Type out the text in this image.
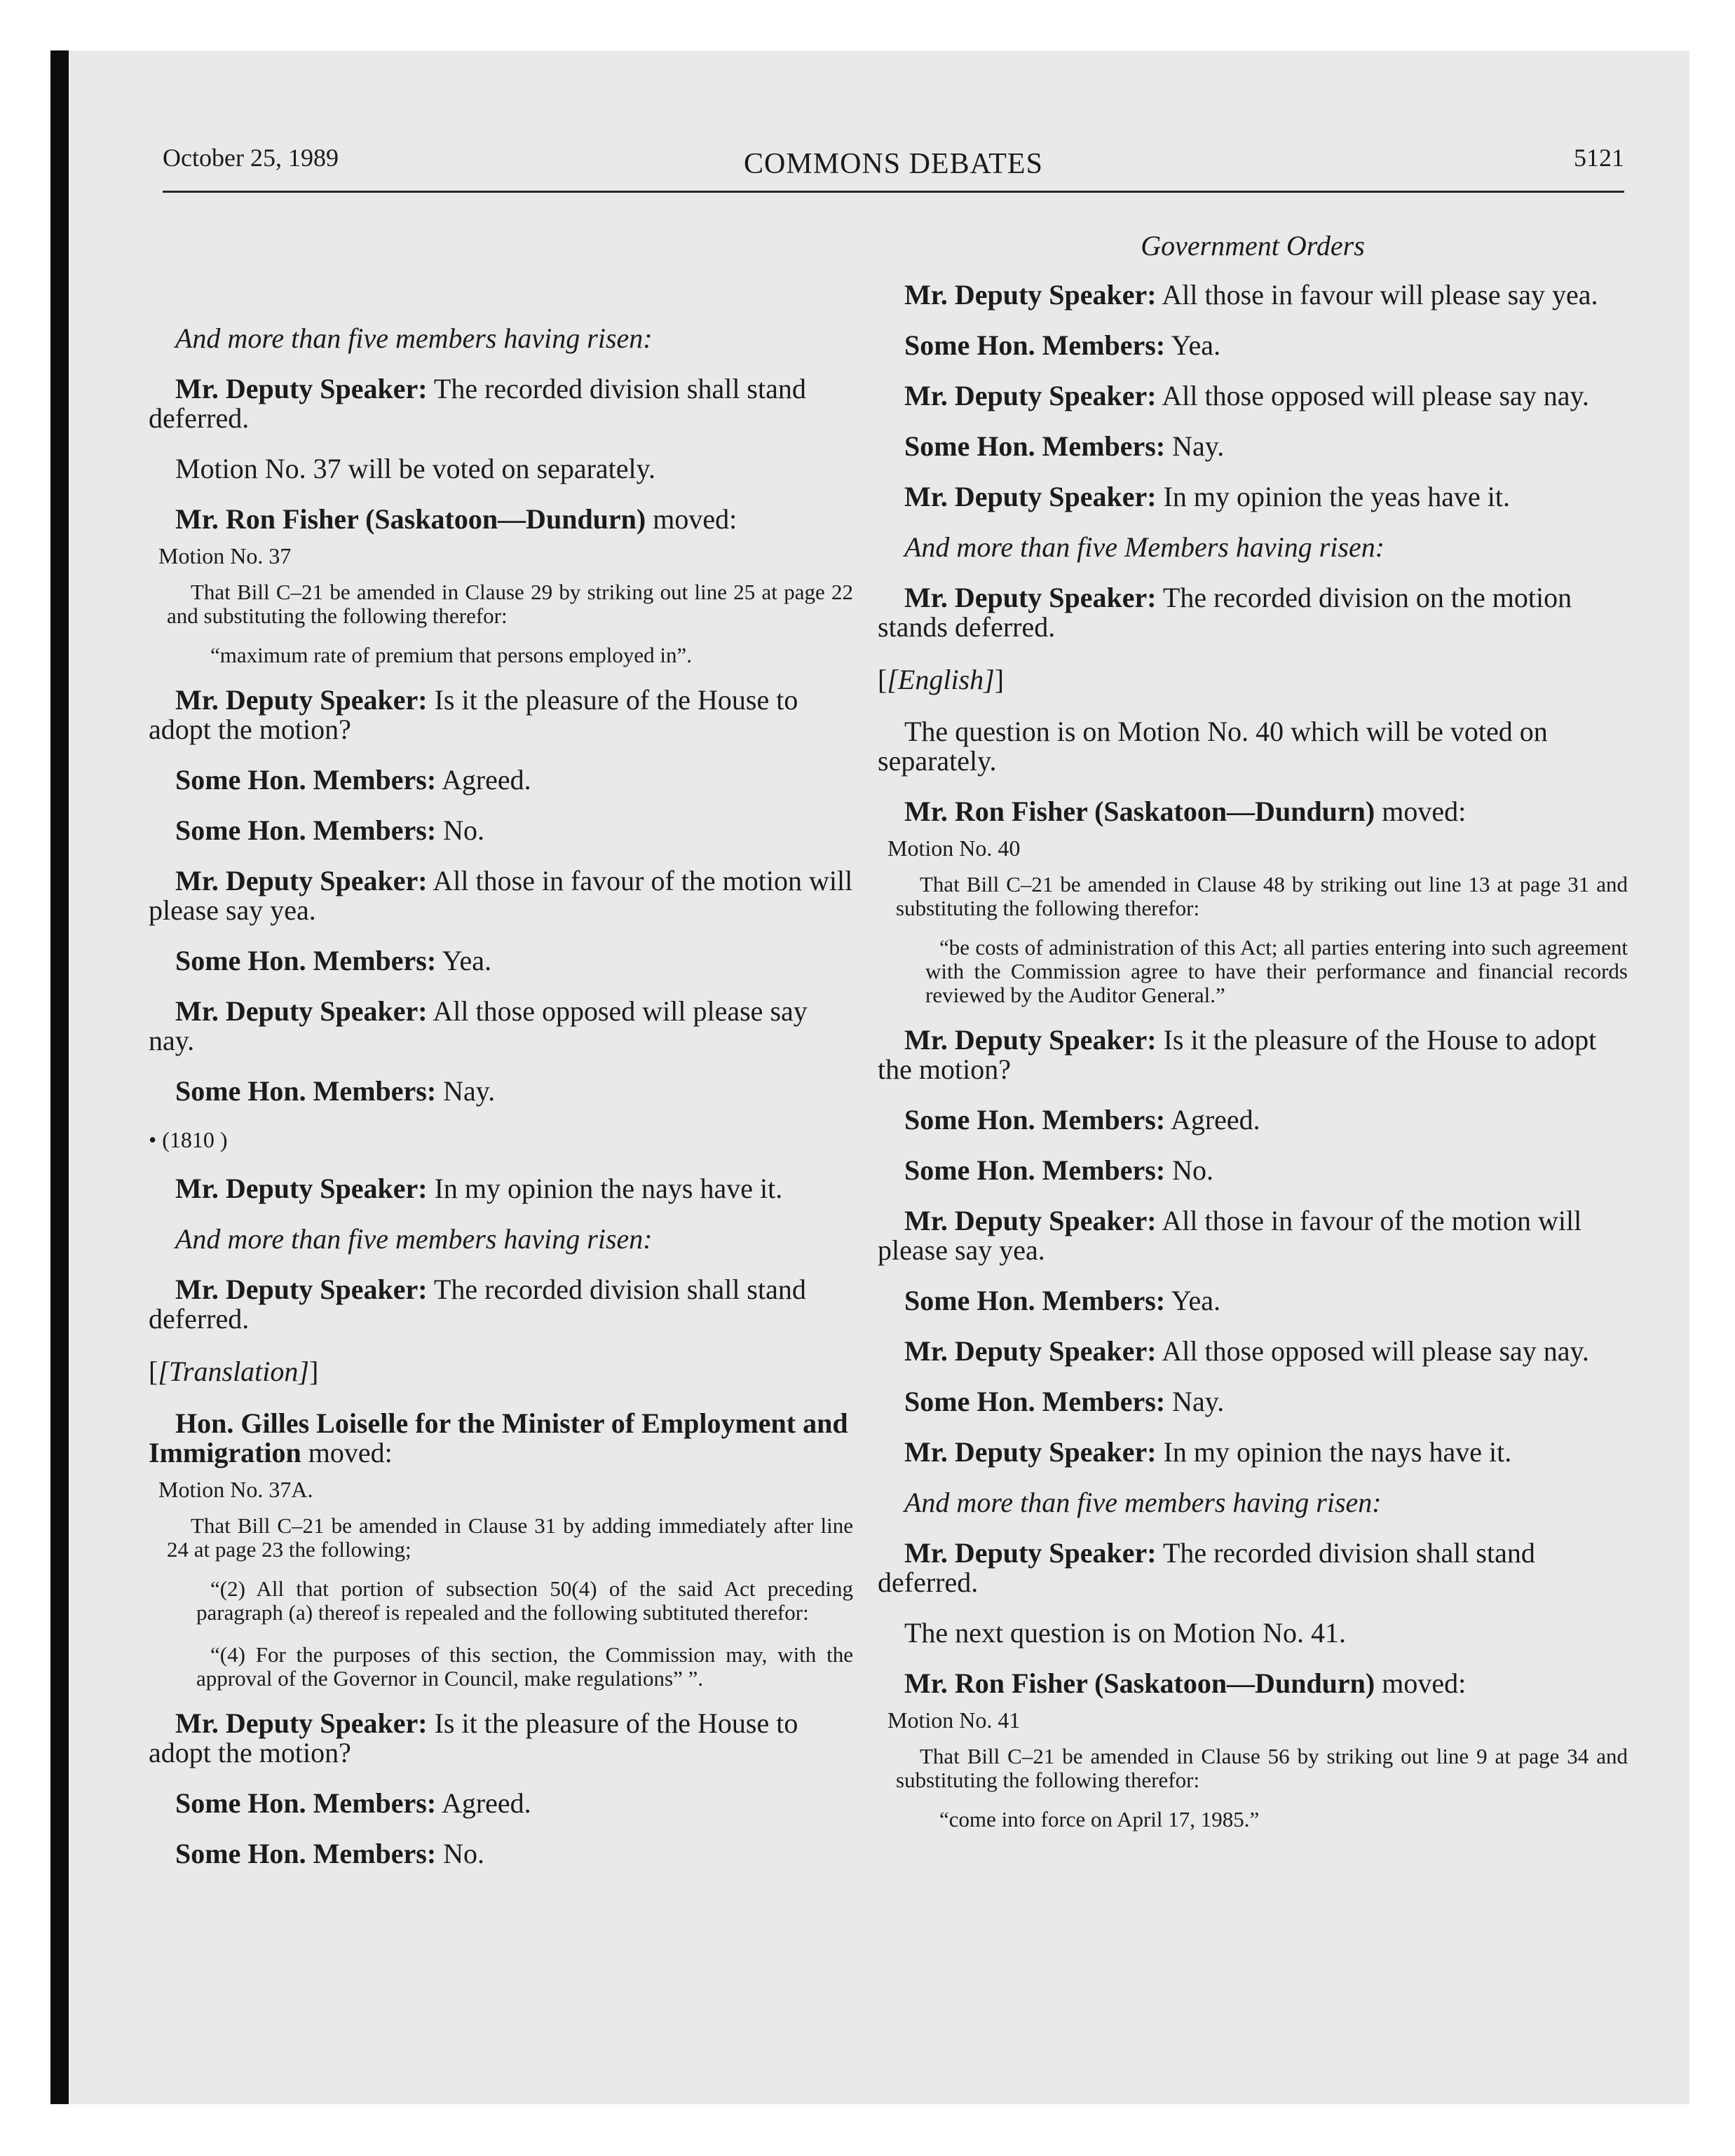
October 25, 1989	COMMONS DEBATES	5121

And more than five members having risen:

Mr. Deputy Speaker: The recorded division shall stand deferred.

Motion No. 37 will be voted on separately.

Mr. Ron Fisher (Saskatoon—Dundurn) moved:

Motion No. 37
That Bill C–21 be amended in Clause 29 by striking out line 25 at page 22 and substituting the following therefor:
“maximum rate of premium that persons employed in”.

Mr. Deputy Speaker: Is it the pleasure of the House to adopt the motion?

Some Hon. Members: Agreed.

Some Hon. Members: No.

Mr. Deputy Speaker: All those in favour of the motion will please say yea.

Some Hon. Members: Yea.

Mr. Deputy Speaker: All those opposed will please say nay.

Some Hon. Members: Nay.

• (1810 )

Mr. Deputy Speaker: In my opinion the nays have it.

And more than five members having risen:

Mr. Deputy Speaker: The recorded division shall stand deferred.

[[Translation]]

Hon. Gilles Loiselle for the Minister of Employment and Immigration moved:

Motion No. 37A.
That Bill C–21 be amended in Clause 31 by adding immediately after line 24 at page 23 the following;
“(2) All that portion of subsection 50(4) of the said Act preceding paragraph (a) thereof is repealed and the following subtituted therefor:
“(4) For the purposes of this section, the Commission may, with the approval of the Governor in Council, make regulations” ”.

Mr. Deputy Speaker: Is it the pleasure of the House to adopt the motion?

Some Hon. Members: Agreed.

Some Hon. Members: No.

Government Orders

Mr. Deputy Speaker: All those in favour will please say yea.

Some Hon. Members: Yea.

Mr. Deputy Speaker: All those opposed will please say nay.

Some Hon. Members: Nay.

Mr. Deputy Speaker: In my opinion the yeas have it.

And more than five Members having risen:

Mr. Deputy Speaker: The recorded division on the motion stands deferred.

[[English]]

The question is on Motion No. 40 which will be voted on separately.

Mr. Ron Fisher (Saskatoon—Dundurn) moved:

Motion No. 40
That Bill C–21 be amended in Clause 48 by striking out line 13 at page 31 and substituting the following therefor:
“be costs of administration of this Act; all parties entering into such agreement with the Commission agree to have their performance and financial records reviewed by the Auditor General.”

Mr. Deputy Speaker: Is it the pleasure of the House to adopt the motion?

Some Hon. Members: Agreed.

Some Hon. Members: No.

Mr. Deputy Speaker: All those in favour of the motion will please say yea.

Some Hon. Members: Yea.

Mr. Deputy Speaker: All those opposed will please say nay.

Some Hon. Members: Nay.

Mr. Deputy Speaker: In my opinion the nays have it.

And more than five members having risen:

Mr. Deputy Speaker: The recorded division shall stand deferred.

The next question is on Motion No. 41.

Mr. Ron Fisher (Saskatoon—Dundurn) moved:

Motion No. 41
That Bill C–21 be amended in Clause 56 by striking out line 9 at page 34 and substituting the following therefor:
“come into force on April 17, 1985.”
